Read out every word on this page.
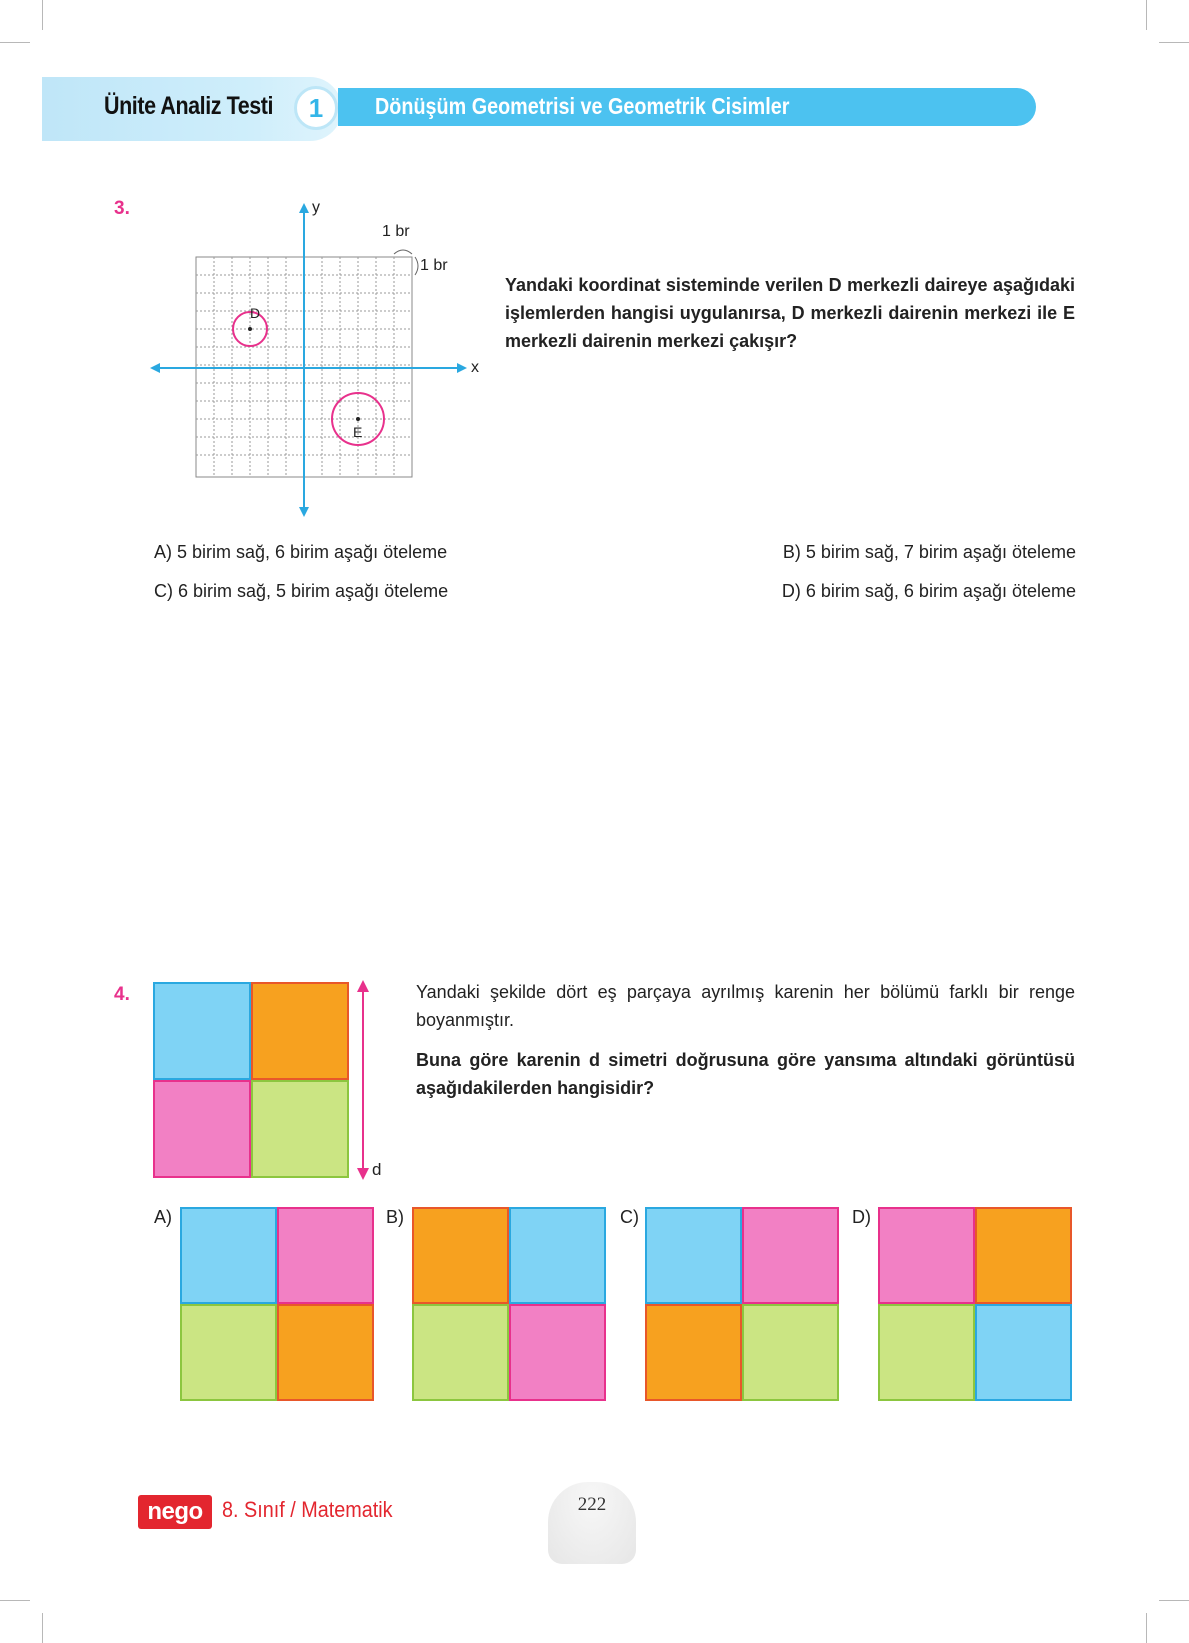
Ünite Analiz Testi	1	Dönüşüm Geometrisi ve Geometrik Cisimler
3.	y
1 br
D
E
x
1 br
Yandaki koordinat sisteminde verilen D merkezli daireye aşağıdaki işlemlerden hangisi uygulanırsa, D merkezli dairenin merkezi ile E merkezli dairenin merkezi çakışır?
A) 5 birim sağ, 6 birim aşağı öteleme	B) 5 birim sağ, 7 birim aşağı öteleme
C) 6 birim sağ, 5 birim aşağı öteleme	D) 6 birim sağ, 6 birim aşağı öteleme
4.
d
Yandaki şekilde dört eş parçaya ayrılmış karenin her bölümü farklı bir renge boyanmıştır.
Buna göre karenin d simetri doğrusuna göre yansıma altındaki görüntüsü aşağıdakilerden hangisidir?
A)	B)	C)	D)
nego 8. Sınıf / Matematik	222
